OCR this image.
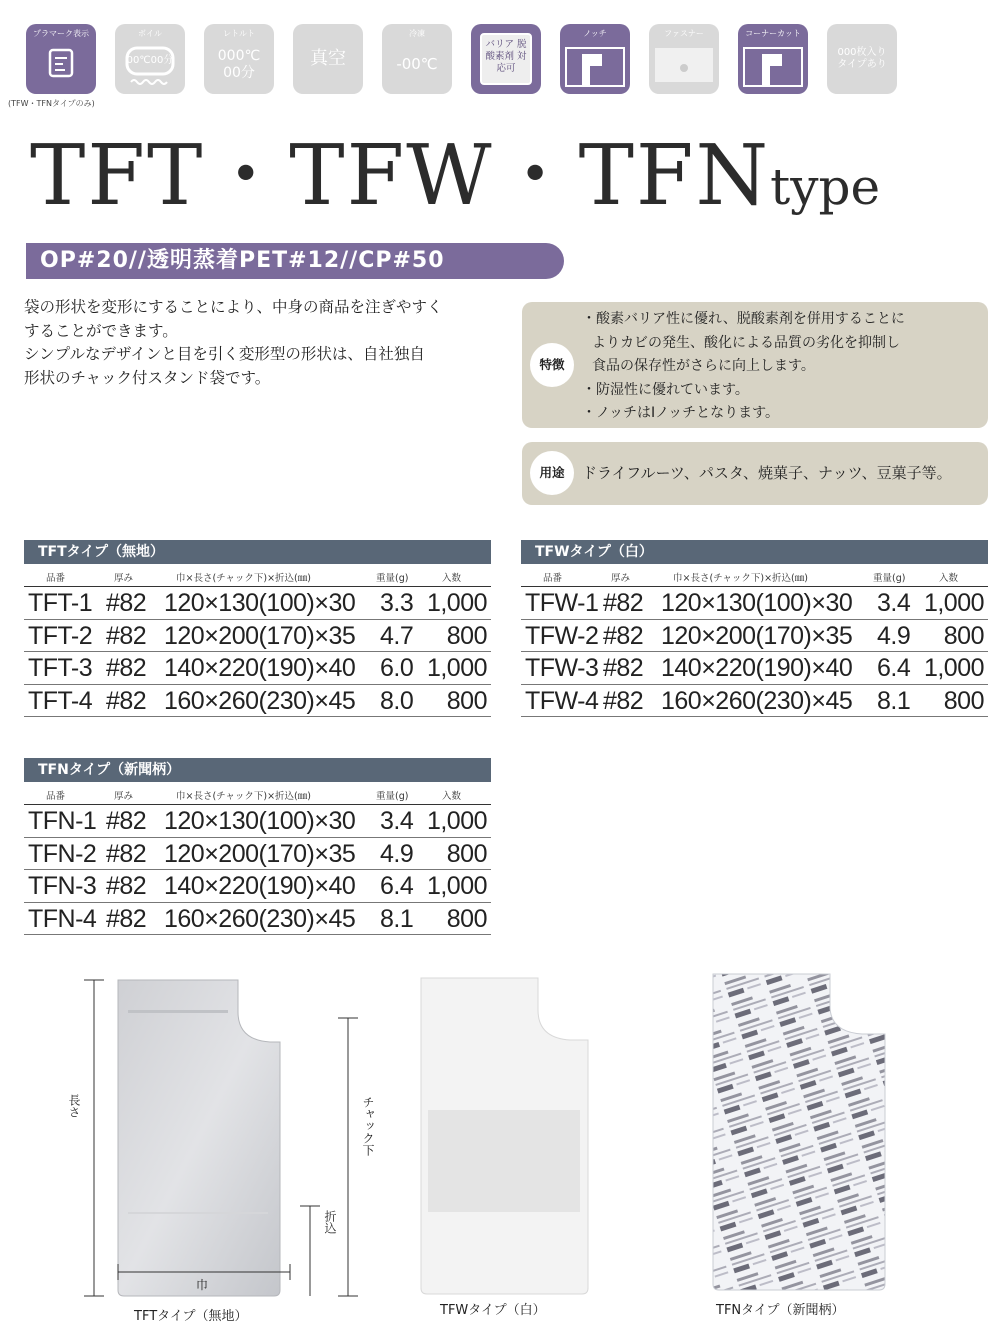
プラマーク表示	ボイル
00℃00分
レトルト
000℃ 00分
真空
冷凍
-00℃
バリア 脱酸素剤 対応可
ノッチ	ファスナー	コーナーカット
000枚入り タイプあり
(TFW・TFNタイプのみ)
TFT・TFW・TFNtype
OP#20//透明蒸着PET#12//CP#50

袋の形状を変形にすることにより、中身の商品を注ぎやすく

することができます。

シンプルなデザインと目を引く変形型の形状は、自社独自

形状のチャック付スタンド袋です。

特徴
・酸素バリア性に優れ、脱酸素剤を併用することに
よりカビの発生、酸化による品質の劣化を抑制し
食品の保存性がさらに向上します。
・防湿性に優れています。
・ノッチはIノッチとなります。
用途	ドライフルーツ、パスタ、焼菓子、ナッツ、豆菓子等。
TFTタイプ（無地）
品番	厚み	巾×長さ(チャック下)×折込(㎜)	重量(g)	入数
TFT-1 #82 120×130(100)×30 3.3 1,000
TFT-2 #82 120×200(170)×35 4.7 800
TFT-3 #82 140×220(190)×40 6.0 1,000
TFT-4 #82 160×260(230)×45 8.0 800
TFWタイプ（白）
品番	厚み	巾×長さ(チャック下)×折込(㎜)	重量(g)	入数
TFW-1 #82 120×130(100)×30 3.4 1,000
TFW-2 #82 120×200(170)×35 4.9 800
TFW-3 #82 140×220(190)×40 6.4 1,000
TFW-4 #82 160×260(230)×45 8.1 800
TFNタイプ（新聞柄）
品番	厚み	巾×長さ(チャック下)×折込(㎜)	重量(g)	入数
TFN-1 #82 120×130(100)×30 3.4 1,000
TFN-2 #82 120×200(170)×35 4.9 800
TFN-3 #82 140×220(190)×40 6.4 1,000
TFN-4 #82 160×260(230)×45 8.1 800
長さ	チャック下
折込
巾
TFTタイプ（無地）	TFWタイプ（白）	TFNタイプ（新聞柄）
